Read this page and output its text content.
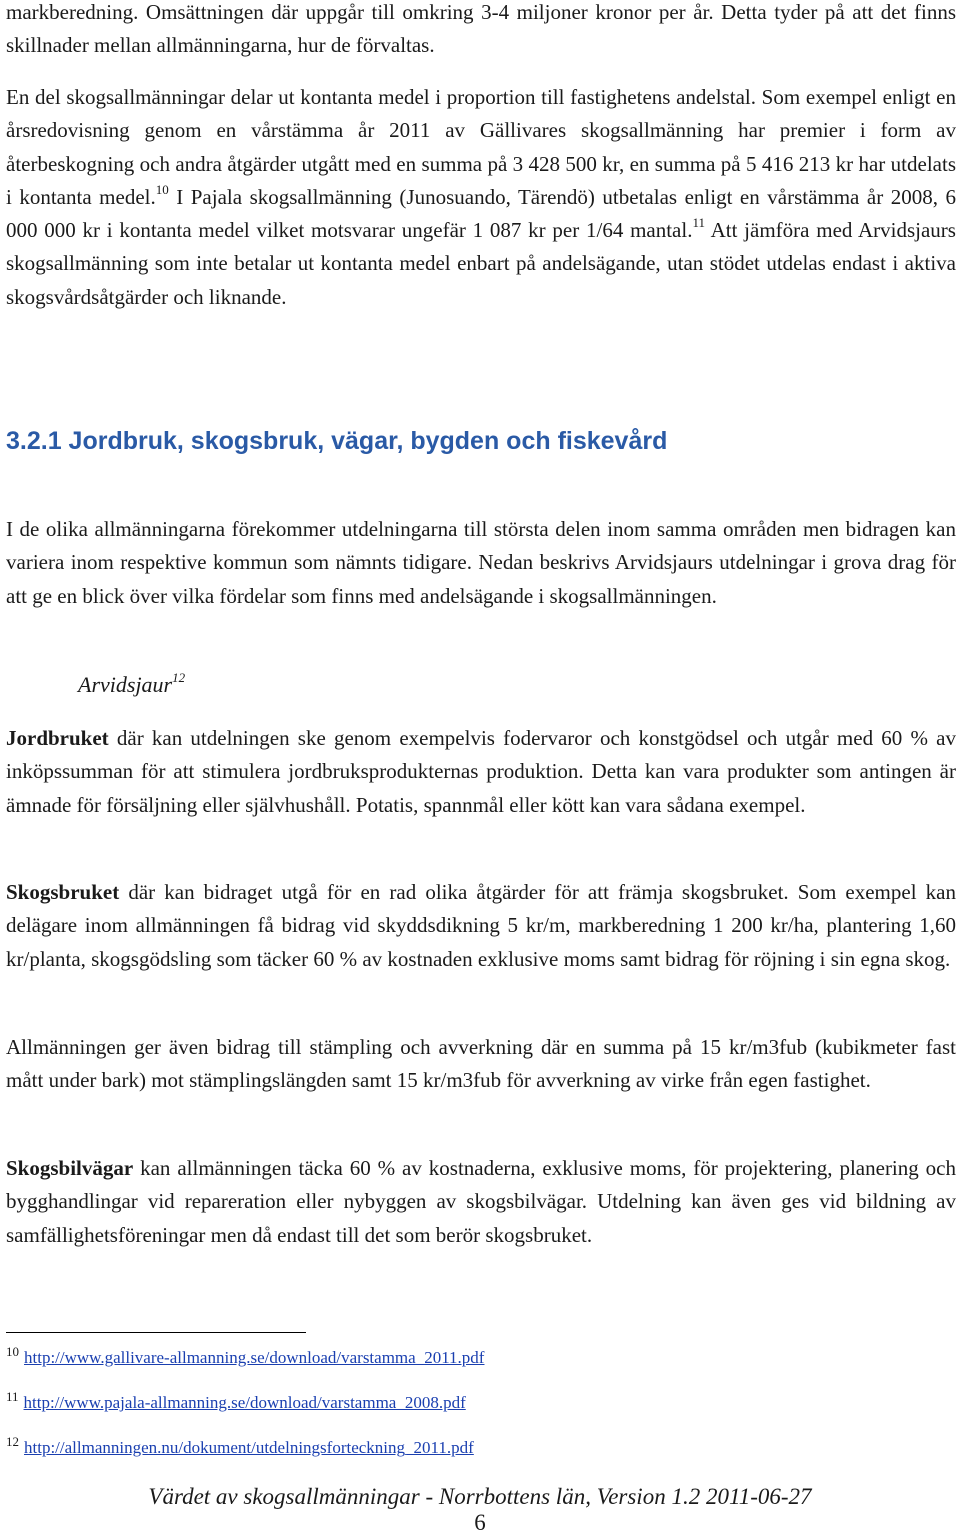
markberedning. Omsättningen där uppgår till omkring 3-4 miljoner kronor per år. Detta tyder på att det finns skillnader mellan allmänningarna, hur de förvaltas.

En del skogsallmänningar delar ut kontanta medel i proportion till fastighetens andelstal. Som exempel enligt en årsredovisning genom en vårstämma år 2011 av Gällivares skogsallmänning har premier i form av återbeskogning och andra åtgärder utgått med en summa på 3 428 500 kr, en summa på 5 416 213 kr har utdelats i kontanta medel.$^{10}$ I Pajala skogsallmänning (Junosuando, Tärendö) utbetalas enligt en vårstämma år 2008, 6 000 000 kr i kontanta medel vilket motsvarar ungefär 1 087 kr per 1/64 mantal.$^{11}$ Att jämföra med Arvidsjaurs skogsallmänning som inte betalar ut kontanta medel enbart på andelsägande, utan stödet utdelas endast i aktiva skogsvårdsåtgärder och liknande.

3.2.1 Jordbruk, skogsbruk, vägar, bygden och fiskevård

I de olika allmänningarna förekommer utdelningarna till största delen inom samma områden men bidragen kan variera inom respektive kommun som nämnts tidigare. Nedan beskrivs Arvidsjaurs utdelningar i grova drag för att ge en blick över vilka fördelar som finns med andelsägande i skogsallmänningen.

Arvidsjaur$^{12}$

Jordbruket där kan utdelningen ske genom exempelvis fodervaror och konstgödsel och utgår med 60 % av inköpssumman för att stimulera jordbruksprodukternas produktion. Detta kan vara produkter som antingen är ämnade för försäljning eller självhushåll. Potatis, spannmål eller kött kan vara sådana exempel.

Skogsbruket där kan bidraget utgå för en rad olika åtgärder för att främja skogsbruket. Som exempel kan delägare inom allmänningen få bidrag vid skyddsdikning 5 kr/m, markberedning 1 200 kr/ha, plantering 1,60 kr/planta, skogsgödsling som täcker 60 % av kostnaden exklusive moms samt bidrag för röjning i sin egna skog.

Allmänningen ger även bidrag till stämpling och avverkning där en summa på 15 kr/m3fub (kubikmeter fast mått under bark) mot stämplingslängden samt 15 kr/m3fub för avverkning av virke från egen fastighet.

Skogsbilvägar kan allmänningen täcka 60 % av kostnaderna, exklusive moms, för projektering, planering och bygghandlingar vid repareration eller nybyggen av skogsbilvägar. Utdelning kan även ges vid bildning av samfällighetsföreningar men då endast till det som berör skogsbruket.

$^{10}$ http://www.gallivare-allmanning.se/download/varstamma_2011.pdf

$^{11}$ http://www.pajala-allmanning.se/download/varstamma_2008.pdf

$^{12}$ http://allmanningen.nu/dokument/utdelningsforteckning_2011.pdf

Värdet av skogsallmänningar - Norrbottens län, Version 1.2 2011-06-27

6
